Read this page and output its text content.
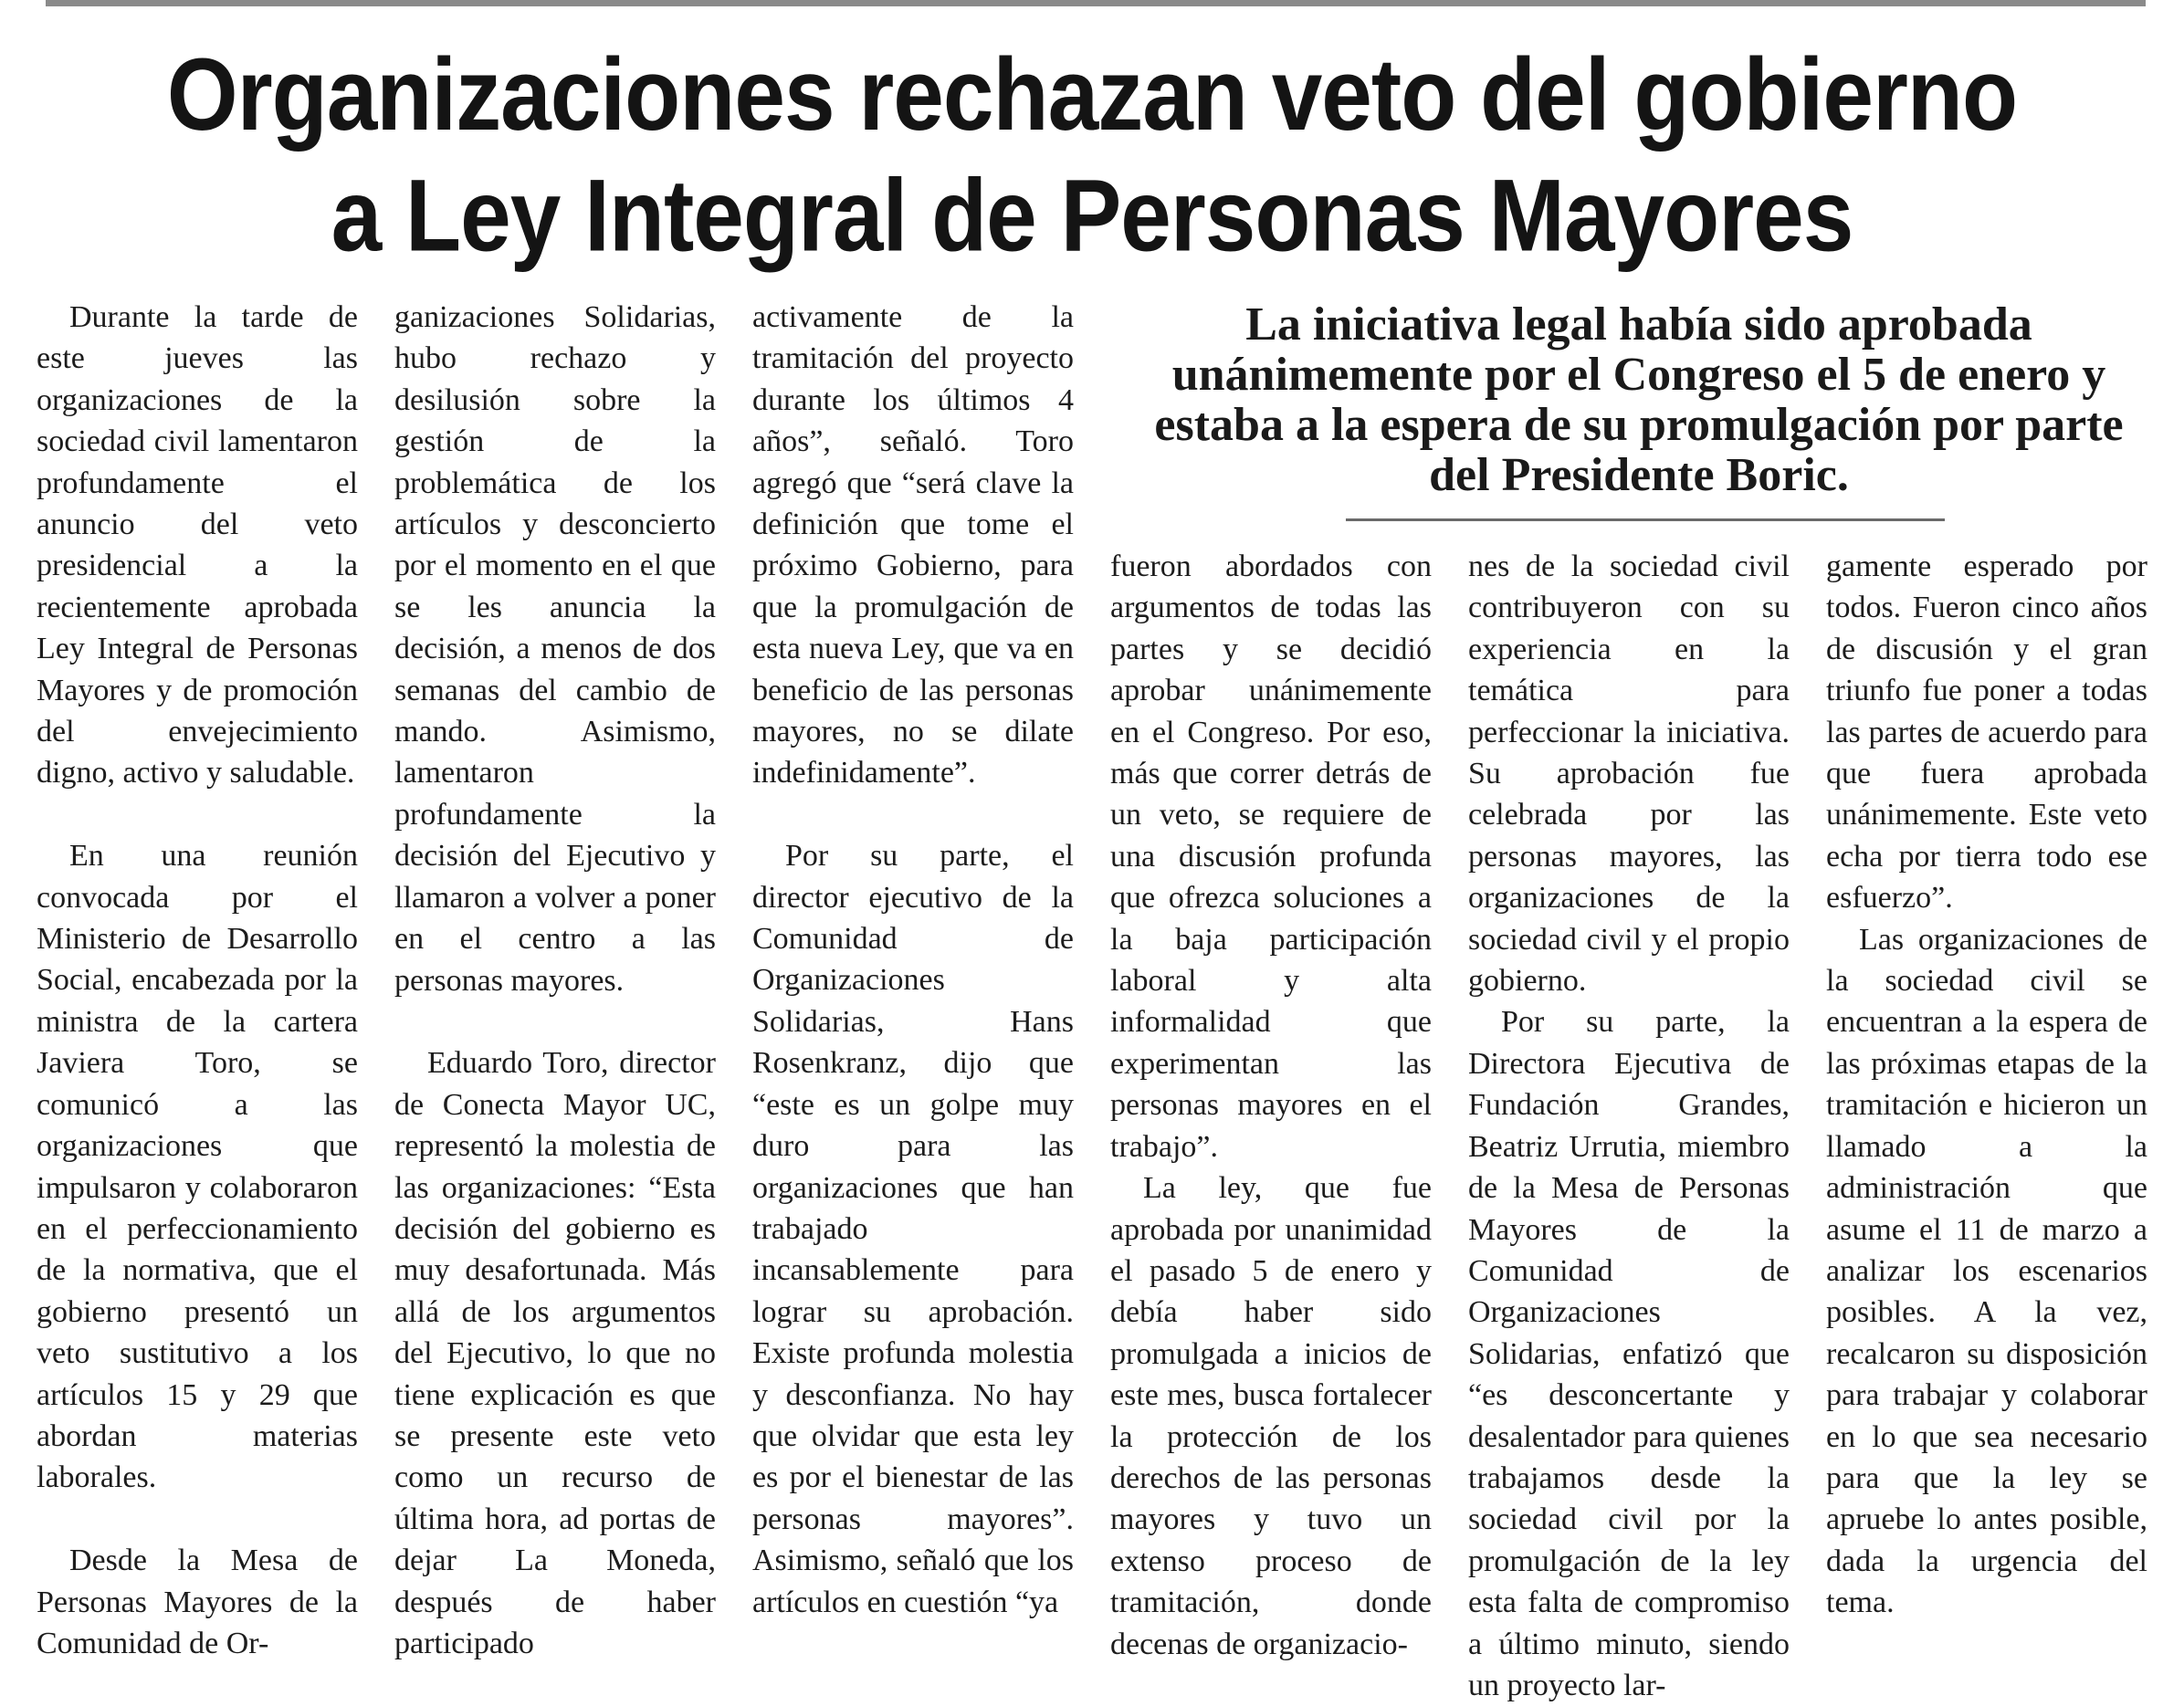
Organizaciones rechazan veto del gobierno
a Ley Integral de Personas Mayores

Durante la tarde de este jueves las organizaciones de la sociedad civil lamentaron profundamente el anuncio del veto presidencial a la recientemente aprobada Ley Integral de Personas Mayores y de promoción del envejecimiento digno, activo y saludable.

En una reunión convocada por el Ministerio de Desarrollo Social, encabezada por la ministra de la cartera Javiera Toro, se comunicó a las organizaciones que impulsaron y colaboraron en el perfeccionamiento de la normativa, que el gobierno presentó un veto sustitutivo a los artículos 15 y 29 que abordan materias laborales.

Desde la Mesa de Personas Mayores de la Comunidad de Or-

ganizaciones Solidarias, hubo rechazo y desilusión sobre la gestión de la problemática de los artículos y desconcierto por el momento en el que se les anuncia la decisión, a menos de dos semanas del cambio de mando. Asimismo, lamentaron profundamente la decisión del Ejecutivo y llamaron a volver a poner en el centro a las personas mayores.

Eduardo Toro, director de Conecta Mayor UC, representó la molestia de las organizaciones: “Esta decisión del gobierno es muy desafortunada. Más allá de los argumentos del Ejecutivo, lo que no tiene explicación es que se presente este veto como un recurso de última hora, ad portas de dejar La Moneda, después de haber participado

activamente de la tramitación del proyecto durante los últimos 4 años”, señaló. Toro agregó que “será clave la definición que tome el próximo Gobierno, para que la promulgación de esta nueva Ley, que va en beneficio de las personas mayores, no se dilate indefinidamente”.

Por su parte, el director ejecutivo de la Comunidad de Organizaciones Solidarias, Hans Rosenkranz, dijo que “este es un golpe muy duro para las organizaciones que han trabajado incansablemente para lograr su aprobación. Existe profunda molestia y desconfianza. No hay que olvidar que esta ley es por el bienestar de las personas mayores”. Asimismo, señaló que los artículos en cuestión “ya

La iniciativa legal había sido aprobada unánimemente por el Congreso el 5 de enero y estaba a la espera de su promulgación por parte del Presidente Boric.

fueron abordados con argumentos de todas las partes y se decidió aprobar unánimemente en el Congreso. Por eso, más que correr detrás de un veto, se requiere de una discusión profunda que ofrezca soluciones a la baja participación laboral y alta informalidad que experimentan las personas mayores en el trabajo”.

La ley, que fue aprobada por unanimidad el pasado 5 de enero y debía haber sido promulgada a inicios de este mes, busca fortalecer la protección de los derechos de las personas mayores y tuvo un extenso proceso de tramitación, donde decenas de organizacio-

nes de la sociedad civil contribuyeron con su experiencia en la temática para perfeccionar la iniciativa. Su aprobación fue celebrada por las personas mayores, las organizaciones de la sociedad civil y el propio gobierno.

Por su parte, la Directora Ejecutiva de Fundación Grandes, Beatriz Urrutia, miembro de la Mesa de Personas Mayores de la Comunidad de Organizaciones Solidarias, enfatizó que “es desconcertante y desalentador para quienes trabajamos desde la sociedad civil por la promulgación de la ley esta falta de compromiso a último minuto, siendo un proyecto lar-

gamente esperado por todos. Fueron cinco años de discusión y el gran triunfo fue poner a todas las partes de acuerdo para que fuera aprobada unánimemente. Este veto echa por tierra todo ese esfuerzo”.

Las organizaciones de la sociedad civil se encuentran a la espera de las próximas etapas de la tramitación e hicieron un llamado a la administración que asume el 11 de marzo a analizar los escenarios posibles. A la vez, recalcaron su disposición para trabajar y colaborar en lo que sea necesario para que la ley se apruebe lo antes posible, dada la urgencia del tema.
